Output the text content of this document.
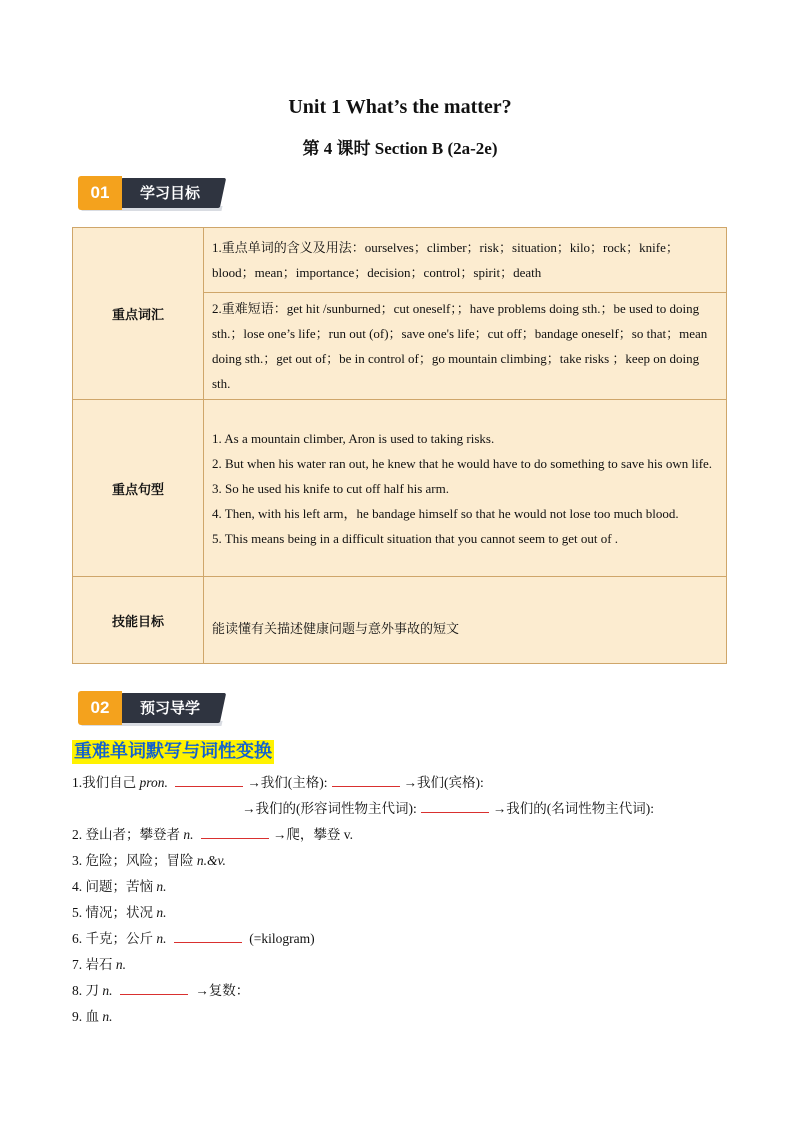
Unit 1 What’s the matter?
第 4 课时 Section B (2a-2e)
学习目标
01
重点词汇	1.重点单词的含义及用法：ourselves；climber；risk；situation；kilo；rock；knife；blood；mean；importance；decision；control；spirit；death

	2.重难短语：get hit /sunburned；cut oneself；；have problems doing sth.；be used to doing sth.；lose one’s life；run out (of)；save one's life；cut off；bandage oneself；so that；mean doing sth.；get out of；be in control of；go mountain climbing；take risks ；keep on doing sth.

重点句型	1. As a mountain climber, Aron is used to taking risks.

2. But when his water ran out, he knew that he would have to do something to save his own life.

3. So he used his knife to cut off half his arm.

4. Then, with his left arm，he bandage himself so that he would not lose too much blood.

5. This means being in a difficult situation that you cannot seem to get out of .

技能目标	能读懂有关描述健康问题与意外事故的短文

预习导学
02
重难单词默写与词性变换
1.我们自己 pron.	→我们(主格):	→我们(宾格):
→我们的(形容词性物主代词):	→我们的(名词性物主代词):
2. 登山者；攀登者 n.	→爬，攀登 v.
3. 危险；风险；冒险 n.&v.
4. 问题；苦恼 n.
5. 情况；状况 n.
6. 千克；公斤 n.	(=kilogram)
7. 岩石 n.
8. 刀 n.	→复数：
9. 血 n.
